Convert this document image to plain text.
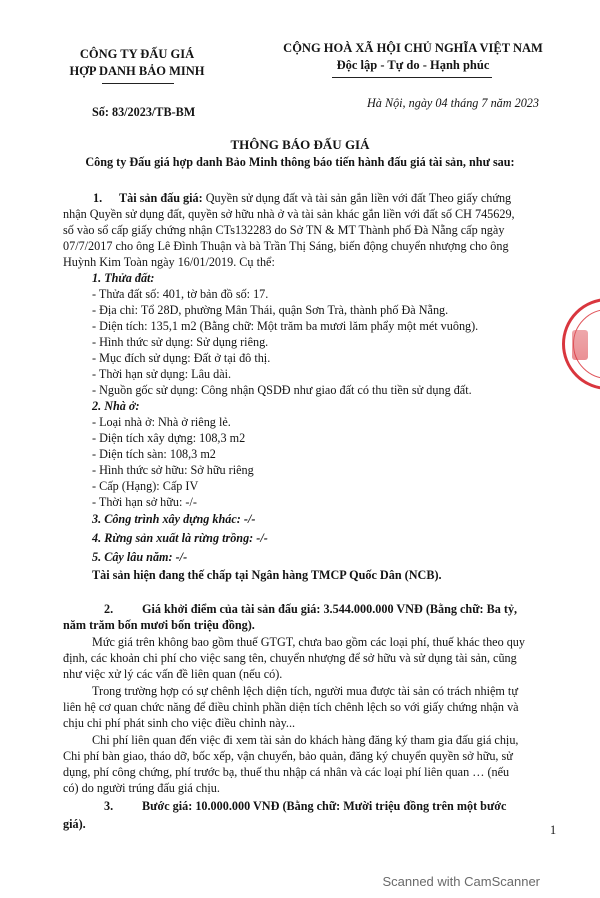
CÔNG TY ĐẤU GIÁ
HỢP DANH BẢO MINH
CỘNG HOÀ XÃ HỘI CHỦ NGHĨA VIỆT NAM
Độc lập - Tự do - Hạnh phúc
Số: 83/2023/TB-BM
Hà Nội, ngày 04 tháng 7 năm 2023
THÔNG BÁO ĐẤU GIÁ
Công ty Đấu giá hợp danh Bảo Minh thông báo tiến hành đấu giá tài sản, như sau:
1. Tài sản đấu giá: Quyền sử dụng đất và tài sản gắn liền với đất Theo giấy chứng
nhận Quyền sử dụng đất, quyền sở hữu nhà ở và tài sản khác gắn liền với đất số CH 745629,
số vào sổ cấp giấy chứng nhận CTs132283 do Sở TN & MT Thành phố Đà Nẵng cấp ngày
07/7/2017 cho ông Lê Đình Thuận và bà Trần Thị Sáng, biến động chuyển nhượng cho ông
Huỳnh Kim Toàn ngày 16/01/2019. Cụ thể:
1. Thửa đất:
- Thửa đất số: 401, tờ bản đồ số: 17.
- Địa chỉ: Tổ 28D, phường Mân Thái, quận Sơn Trà, thành phố Đà Nẵng.
- Diện tích: 135,1 m2 (Bằng chữ: Một trăm ba mươi lăm phẩy một mét vuông).
- Hình thức sử dụng: Sử dụng riêng.
- Mục đích sử dụng: Đất ở tại đô thị.
- Thời hạn sử dụng: Lâu dài.
- Nguồn gốc sử dụng: Công nhận QSDĐ như giao đất có thu tiền sử dụng đất.
2. Nhà ở:
- Loại nhà ở: Nhà ở riêng lẻ.
- Diện tích xây dựng: 108,3 m2
- Diện tích sàn: 108,3 m2
- Hình thức sở hữu: Sở hữu riêng
- Cấp (Hạng): Cấp IV
- Thời hạn sở hữu: -/-
3. Công trình xây dựng khác: -/-
4. Rừng sản xuất là rừng trồng: -/-
5. Cây lâu năm: -/-
Tài sản hiện đang thế chấp tại Ngân hàng TMCP Quốc Dân (NCB).
2. Giá khởi điểm của tài sản đấu giá: 3.544.000.000 VNĐ (Bằng chữ: Ba tỷ,
năm trăm bốn mươi bốn triệu đồng).
Mức giá trên không bao gồm thuế GTGT, chưa bao gồm các loại phí, thuế khác theo quy
định, các khoản chi phí cho việc sang tên, chuyển nhượng để sở hữu và sử dụng tài sản, cũng
như việc xử lý các vấn đề liên quan (nếu có).
Trong trường hợp có sự chênh lệch diện tích, người mua được tài sản có trách nhiệm tự
liên hệ cơ quan chức năng để điều chỉnh phần diện tích chênh lệch so với giấy chứng nhận và
chịu chi phí phát sinh cho việc điều chỉnh này...
Chi phí liên quan đến việc đi xem tài sản do khách hàng đăng ký tham gia đấu giá chịu,
Chi phí bàn giao, tháo dỡ, bốc xếp, vận chuyển, bảo quản, đăng ký chuyển quyền sở hữu, sử
dụng, phí công chứng, phí trước bạ, thuế thu nhập cá nhân và các loại phí liên quan … (nếu
có) do người trúng đấu giá chịu.
3. Bước giá: 10.000.000 VNĐ (Bằng chữ: Mười triệu đồng trên một bước
giá).	1
Scanned with CamScanner
